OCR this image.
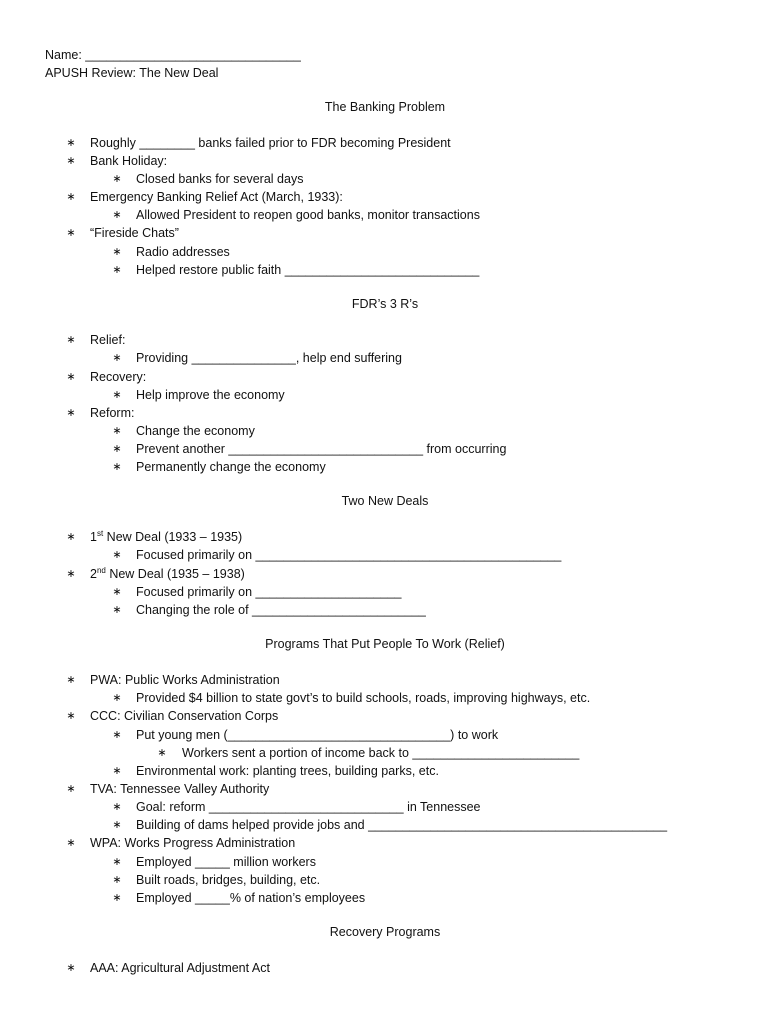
Name: _______________________________
APUSH Review: The New Deal
The Banking Problem
∗ Roughly ________ banks failed prior to FDR becoming President
∗ Bank Holiday:
∗ Closed banks for several days
∗ Emergency Banking Relief Act (March, 1933):
∗ Allowed President to reopen good banks, monitor transactions
∗ “Fireside Chats”
∗ Radio addresses
∗ Helped restore public faith ____________________________
FDR’s 3 R’s
∗ Relief:
∗ Providing _______________, help end suffering
∗ Recovery:
∗ Help improve the economy
∗ Reform:
∗ Change the economy
∗ Prevent another ____________________________ from occurring
∗ Permanently change the economy
Two New Deals
∗ 1st New Deal (1933 – 1935)
∗ Focused primarily on ____________________________________________
∗ 2nd New Deal (1935 – 1938)
∗ Focused primarily on _____________________
∗ Changing the role of _________________________
Programs That Put People To Work (Relief)
∗ PWA: Public Works Administration
∗ Provided $4 billion to state govt’s to build schools, roads, improving highways, etc.
∗ CCC: Civilian Conservation Corps
∗ Put young men (________________________________) to work
∗ Workers sent a portion of income back to ________________________
∗ Environmental work: planting trees, building parks, etc.
∗ TVA: Tennessee Valley Authority
∗ Goal: reform ____________________________ in Tennessee
∗ Building of dams helped provide jobs and ___________________________________________
∗ WPA: Works Progress Administration
∗ Employed _____ million workers
∗ Built roads, bridges, building, etc.
∗ Employed _____% of nation’s employees
Recovery Programs
∗ AAA: Agricultural Adjustment Act
